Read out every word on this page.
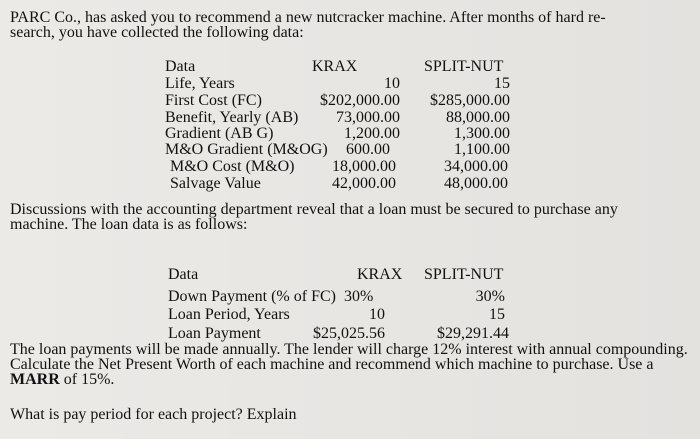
PARC Co., has asked you to recommend a new nutcracker machine. After months of hard re-
search, you have collected the following data:
Data	KRAX	SPLIT-NUT
Life, Years	10	15
First Cost (FC)	$202,000.00	$285,000.00
Benefit, Yearly (AB)	73,000.00	88,000.00
Gradient (AB G)	1,200.00	1,300.00
M&O Gradient (M&OG)	600.00	1,100.00
M&O Cost (M&O)	18,000.00	34,000.00
Salvage Value	42,000.00	48,000.00
Discussions with the accounting department reveal that a loan must be secured to purchase any
machine. The loan data is as follows:
Data	KRAX SPLIT-NUT
Down Payment (% of FC) 30%	30%
Loan Period, Years	10	15
Loan Payment	$25,025.56	$29,291.44
The loan payments will be made annually. The lender will charge 12% interest with annual compounding.
Calculate the Net Present Worth of each machine and recommend which machine to purchase. Use a
MARR of 15%.
What is pay period for each project? Explain
